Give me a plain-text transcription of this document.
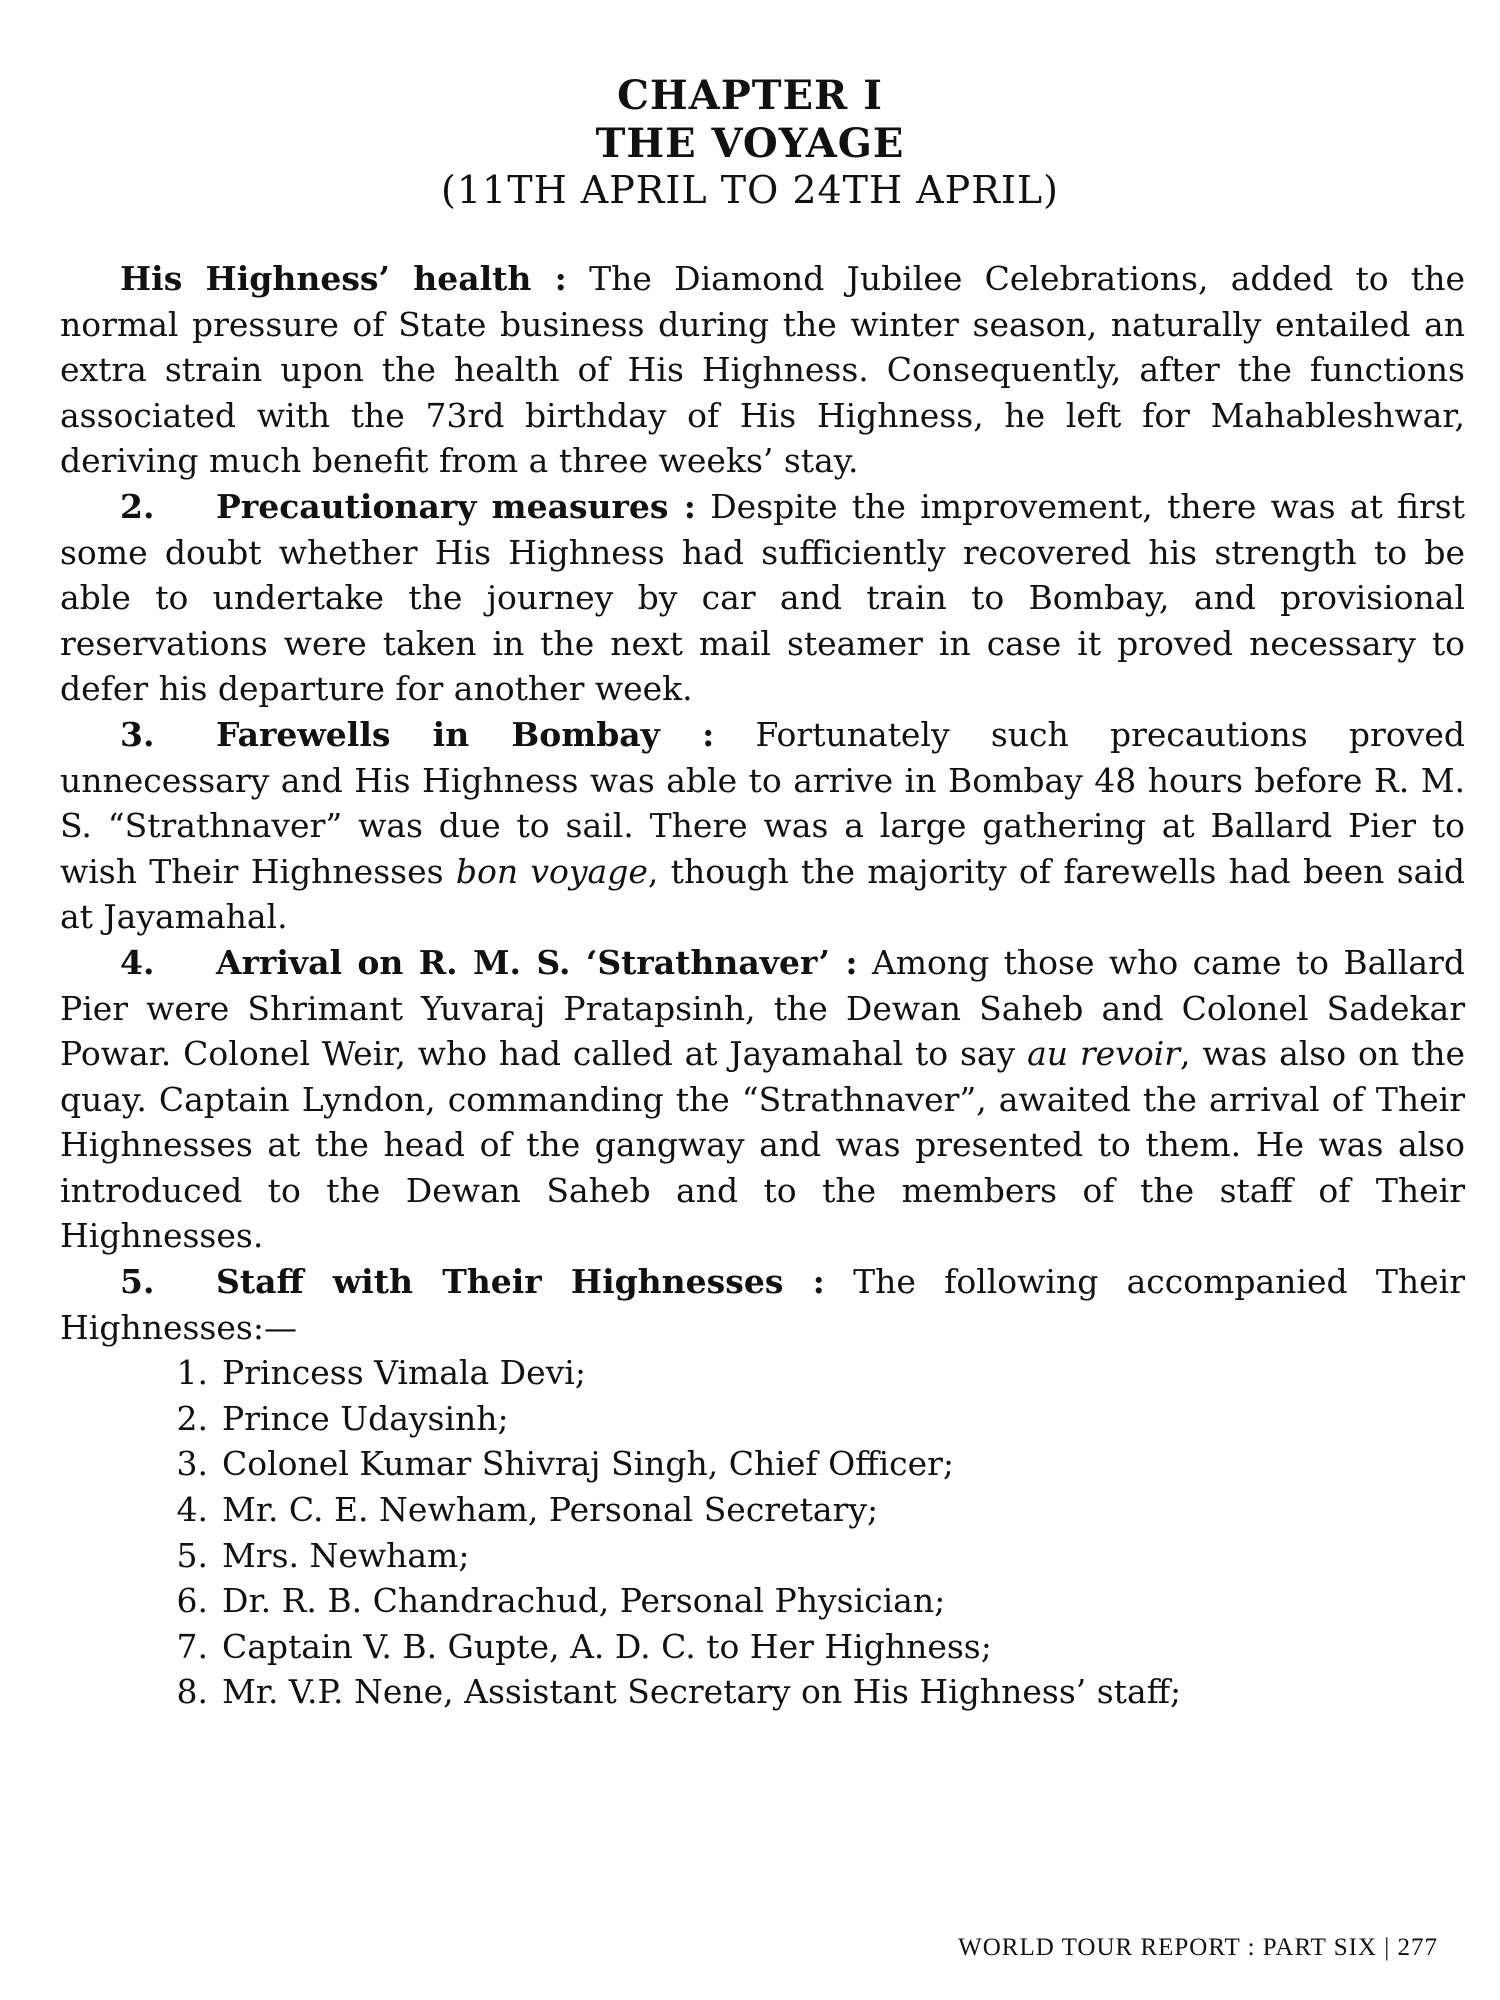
CHAPTER I
THE VOYAGE
(11TH APRIL TO 24TH APRIL)

His Highness’ health : The Diamond Jubilee Celebrations, added to the normal pressure of State business during the winter season, naturally entailed an extra strain upon the health of His Highness. Consequently, after the functions associated with the 73rd birthday of His Highness, he left for Mahableshwar, deriving much benefit from a three weeks’ stay.

2. Precautionary measures : Despite the improvement, there was at first some doubt whether His Highness had sufficiently recovered his strength to be able to undertake the journey by car and train to Bombay, and provisional reservations were taken in the next mail steamer in case it proved necessary to defer his departure for another week.

3. Farewells in Bombay : Fortunately such precautions proved unnecessary and His Highness was able to arrive in Bombay 48 hours before R. M. S. “Strathnaver” was due to sail. There was a large gathering at Ballard Pier to wish Their Highnesses bon voyage, though the majority of farewells had been said at Jayamahal.

4. Arrival on R. M. S. ‘Strathnaver’ : Among those who came to Ballard Pier were Shrimant Yuvaraj Pratapsinh, the Dewan Saheb and Colonel Sadekar Powar. Colonel Weir, who had called at Jayamahal to say au revoir, was also on the quay. Captain Lyndon, commanding the “Strathnaver”, awaited the arrival of Their Highnesses at the head of the gangway and was presented to them. He was also introduced to the Dewan Saheb and to the members of the staff of Their Highnesses.

5. Staff with Their Highnesses : The following accompanied Their Highnesses:—

1. Princess Vimala Devi;
2. Prince Udaysinh;
3. Colonel Kumar Shivraj Singh, Chief Officer;
4. Mr. C. E. Newham, Personal Secretary;
5. Mrs. Newham;
6. Dr. R. B. Chandrachud, Personal Physician;
7. Captain V. B. Gupte, A. D. C. to Her Highness;
8. Mr. V.P. Nene, Assistant Secretary on His Highness’ staff;
WORLD TOUR REPORT : PART SIX | 277
